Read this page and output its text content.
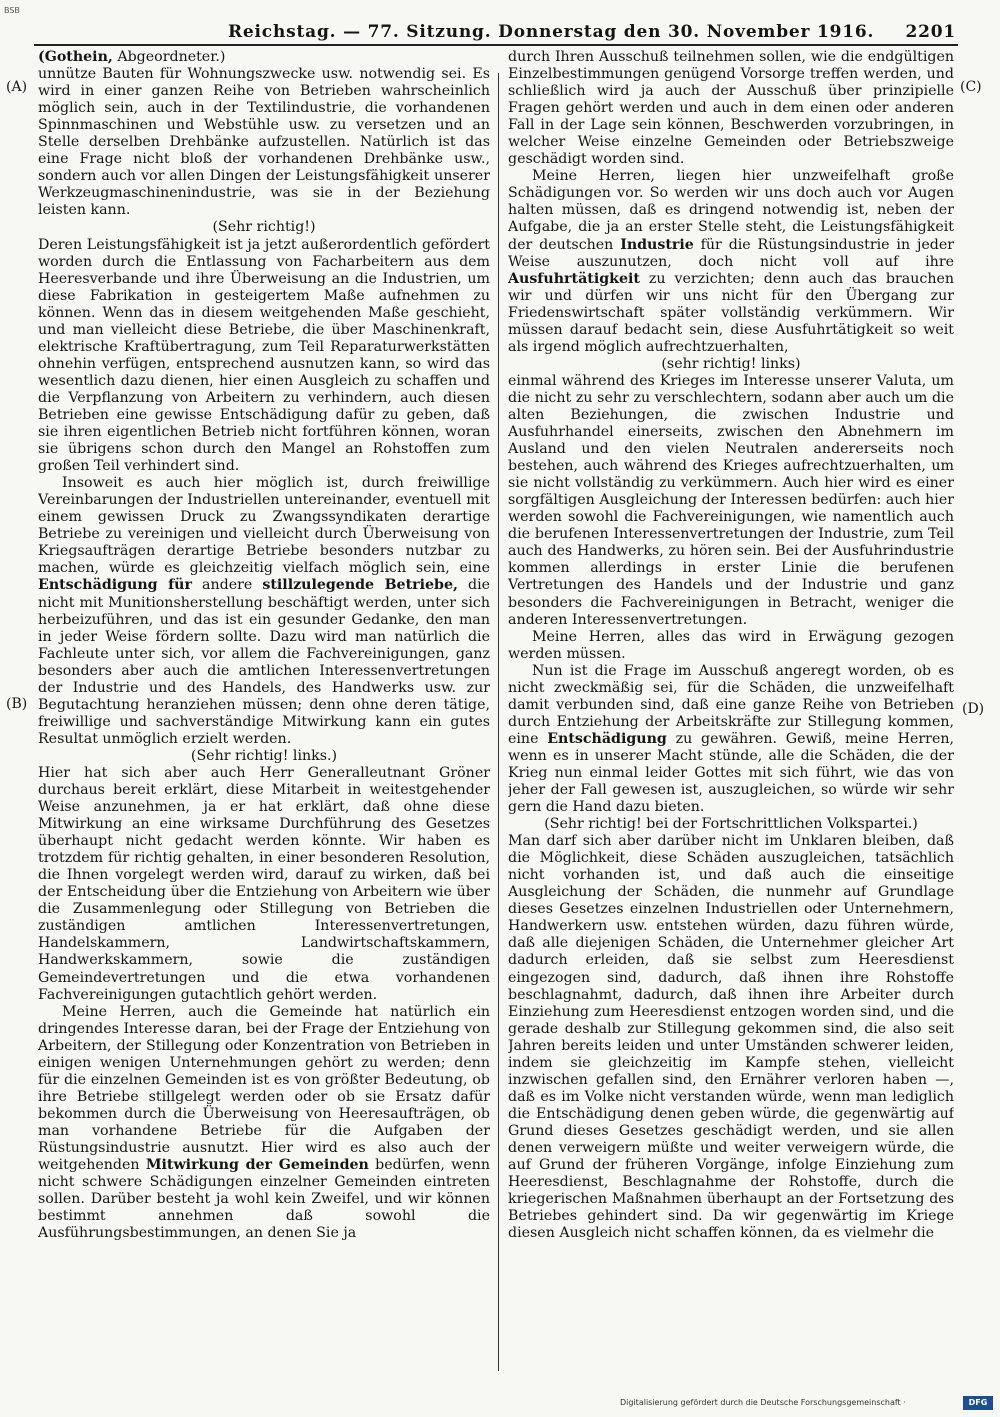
BSB
Reichstag. — 77. Sitzung. Donnerstag den 30. November 1916. 2201
(A)
(B)
(C)
(D)

(Gothein, Abgeordneter.)

unnütze Bauten für Wohnungszwecke usw. notwendig sei. Es wird in einer ganzen Reihe von Betrieben wahrscheinlich möglich sein, auch in der Textilindustrie, die vorhandenen Spinnmaschinen und Webstühle usw. zu versetzen und an Stelle derselben Drehbänke aufzustellen. Natürlich ist das eine Frage nicht bloß der vorhandenen Drehbänke usw., sondern auch vor allen Dingen der Leistungsfähigkeit unserer Werkzeugmaschinenindustrie, was sie in der Beziehung leisten kann.

(Sehr richtig!)

Deren Leistungsfähigkeit ist ja jetzt außerordentlich gefördert worden durch die Entlassung von Facharbeitern aus dem Heeresverbande und ihre Überweisung an die Industrien, um diese Fabrikation in gesteigertem Maße aufnehmen zu können. Wenn das in diesem weitgehenden Maße geschieht, und man vielleicht diese Betriebe, die über Maschinenkraft, elektrische Kraftübertragung, zum Teil Reparaturwerkstätten ohnehin verfügen, entsprechend ausnutzen kann, so wird das wesentlich dazu dienen, hier einen Ausgleich zu schaffen und die Verpflanzung von Arbeitern zu verhindern, auch diesen Betrieben eine gewisse Entschädigung dafür zu geben, daß sie ihren eigentlichen Betrieb nicht fortführen können, woran sie übrigens schon durch den Mangel an Rohstoffen zum großen Teil verhindert sind.

Insoweit es auch hier möglich ist, durch freiwillige Vereinbarungen der Industriellen untereinander, eventuell mit einem gewissen Druck zu Zwangssyndikaten derartige Betriebe zu vereinigen und vielleicht durch Überweisung von Kriegsaufträgen derartige Betriebe besonders nutzbar zu machen, würde es gleichzeitig vielfach möglich sein, eine Entschädigung für andere stillzulegende Betriebe, die nicht mit Munitionsherstellung beschäftigt werden, unter sich herbeizuführen, und das ist ein gesunder Gedanke, den man in jeder Weise fördern sollte. Dazu wird man natürlich die Fachleute unter sich, vor allem die Fachvereinigungen, ganz besonders aber auch die amtlichen Interessenvertretungen der Industrie und des Handels, des Handwerks usw. zur Begutachtung heranziehen müssen; denn ohne deren tätige, freiwillige und sachverständige Mitwirkung kann ein gutes Resultat unmöglich erzielt werden.

(Sehr richtig! links.)

Hier hat sich aber auch Herr Generalleutnant Gröner durchaus bereit erklärt, diese Mitarbeit in weitestgehender Weise anzunehmen, ja er hat erklärt, daß ohne diese Mitwirkung an eine wirksame Durchführung des Gesetzes überhaupt nicht gedacht werden könnte. Wir haben es trotzdem für richtig gehalten, in einer besonderen Resolution, die Ihnen vorgelegt werden wird, darauf zu wirken, daß bei der Entscheidung über die Entziehung von Arbeitern wie über die Zusammenlegung oder Stillegung von Betrieben die zuständigen amtlichen Interessenvertretungen, Handelskammern, Landwirtschaftskammern, Handwerkskammern, sowie die zuständigen Gemeindevertretungen und die etwa vorhandenen Fachvereinigungen gutachtlich gehört werden.

Meine Herren, auch die Gemeinde hat natürlich ein dringendes Interesse daran, bei der Frage der Entziehung von Arbeitern, der Stillegung oder Konzentration von Betrieben in einigen wenigen Unternehmungen gehört zu werden; denn für die einzelnen Gemeinden ist es von größter Bedeutung, ob ihre Betriebe stillgelegt werden oder ob sie Ersatz dafür bekommen durch die Überweisung von Heeresaufträgen, ob man vorhandene Betriebe für die Aufgaben der Rüstungsindustrie ausnutzt. Hier wird es also auch der weitgehenden Mitwirkung der Gemeinden bedürfen, wenn nicht schwere Schädigungen einzelner Gemeinden eintreten sollen. Darüber besteht ja wohl kein Zweifel, und wir können bestimmt annehmen daß sowohl die Ausführungsbestimmungen, an denen Sie ja

durch Ihren Ausschuß teilnehmen sollen, wie die endgültigen Einzelbestimmungen genügend Vorsorge treffen werden, und schließlich wird ja auch der Ausschuß über prinzipielle Fragen gehört werden und auch in dem einen oder anderen Fall in der Lage sein können, Beschwerden vorzubringen, in welcher Weise einzelne Gemeinden oder Betriebszweige geschädigt worden sind.

Meine Herren, liegen hier unzweifelhaft große Schädigungen vor. So werden wir uns doch auch vor Augen halten müssen, daß es dringend notwendig ist, neben der Aufgabe, die ja an erster Stelle steht, die Leistungsfähigkeit der deutschen Industrie für die Rüstungsindustrie in jeder Weise auszunutzen, doch nicht voll auf ihre Ausfuhrtätigkeit zu verzichten; denn auch das brauchen wir und dürfen wir uns nicht für den Übergang zur Friedenswirtschaft später vollständig verkümmern. Wir müssen darauf bedacht sein, diese Ausfuhrtätigkeit so weit als irgend möglich aufrechtzuerhalten,

(sehr richtig! links)

einmal während des Krieges im Interesse unserer Valuta, um die nicht zu sehr zu verschlechtern, sodann aber auch um die alten Beziehungen, die zwischen Industrie und Ausfuhrhandel einerseits, zwischen den Abnehmern im Ausland und den vielen Neutralen andererseits noch bestehen, auch während des Krieges aufrechtzuerhalten, um sie nicht vollständig zu verkümmern. Auch hier wird es einer sorgfältigen Ausgleichung der Interessen bedürfen: auch hier werden sowohl die Fachvereinigungen, wie namentlich auch die berufenen Interessenvertretungen der Industrie, zum Teil auch des Handwerks, zu hören sein. Bei der Ausfuhrindustrie kommen allerdings in erster Linie die berufenen Vertretungen des Handels und der Industrie und ganz besonders die Fachvereinigungen in Betracht, weniger die anderen Interessenvertretungen.

Meine Herren, alles das wird in Erwägung gezogen werden müssen.

Nun ist die Frage im Ausschuß angeregt worden, ob es nicht zweckmäßig sei, für die Schäden, die unzweifelhaft damit verbunden sind, daß eine ganze Reihe von Betrieben durch Entziehung der Arbeitskräfte zur Stillegung kommen, eine Entschädigung zu gewähren. Gewiß, meine Herren, wenn es in unserer Macht stünde, alle die Schäden, die der Krieg nun einmal leider Gottes mit sich führt, wie das von jeher der Fall gewesen ist, auszugleichen, so würde wir sehr gern die Hand dazu bieten.

(Sehr richtig! bei der Fortschrittlichen Volkspartei.)

Man darf sich aber darüber nicht im Unklaren bleiben, daß die Möglichkeit, diese Schäden auszugleichen, tatsächlich nicht vorhanden ist, und daß auch die einseitige Ausgleichung der Schäden, die nunmehr auf Grundlage dieses Gesetzes einzelnen Industriellen oder Unternehmern, Handwerkern usw. entstehen würden, dazu führen würde, daß alle diejenigen Schäden, die Unternehmer gleicher Art dadurch erleiden, daß sie selbst zum Heeresdienst eingezogen sind, dadurch, daß ihnen ihre Rohstoffe beschlagnahmt, dadurch, daß ihnen ihre Arbeiter durch Einziehung zum Heeresdienst entzogen worden sind, und die gerade deshalb zur Stillegung gekommen sind, die also seit Jahren bereits leiden und unter Umständen schwerer leiden, indem sie gleichzeitig im Kampfe stehen, vielleicht inzwischen gefallen sind, den Ernährer verloren haben —, daß es im Volke nicht verstanden würde, wenn man lediglich die Entschädigung denen geben würde, die gegenwärtig auf Grund dieses Gesetzes geschädigt werden, und sie allen denen verweigern müßte und weiter verweigern würde, die auf Grund der früheren Vorgänge, infolge Einziehung zum Heeresdienst, Beschlagnahme der Rohstoffe, durch die kriegerischen Maßnahmen überhaupt an der Fortsetzung des Betriebes gehindert sind. Da wir gegenwärtig im Kriege diesen Ausgleich nicht schaffen können, da es vielmehr die

Digitalisierung gefördert durch die Deutsche Forschungsgemeinschaft ·	DFG
